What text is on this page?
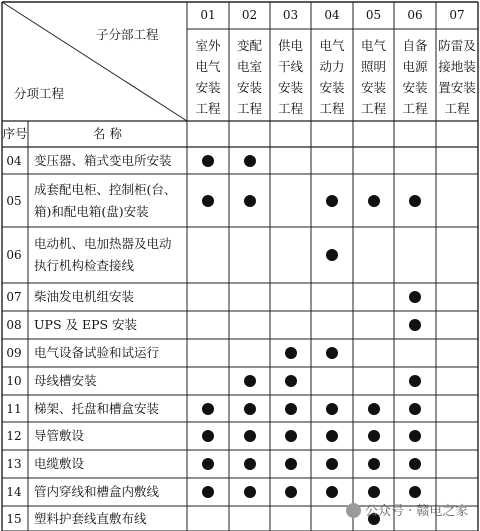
子分部工程
分项工程
序号	名 称
01
室外
电气
安装
工程
02
变配
电室
安装
工程
03
供电
干线
安装
工程
04
电气
动力
安装
工程
05
电气
照明
安装
工程
06
自备
电源
安装
工程
07
防雷及
接地装
置安装
工程
04 变压器、箱式变电所安装
05
成套配电柜、控制柜(台、
箱)和配电箱(盘)安装
06
电动机、电加热器及电动
执行机构检查接线
07 柴油发电机组安装
08 UPS 及 EPS 安装
09 电气设备试验和试运行
10 母线槽安装
11 梯架、托盘和槽盒安装
12 导管敷设
13 电缆敷设
14 管内穿线和槽盒内敷线
15 塑料护套线直敷布线	公众号 · 赣电之家
